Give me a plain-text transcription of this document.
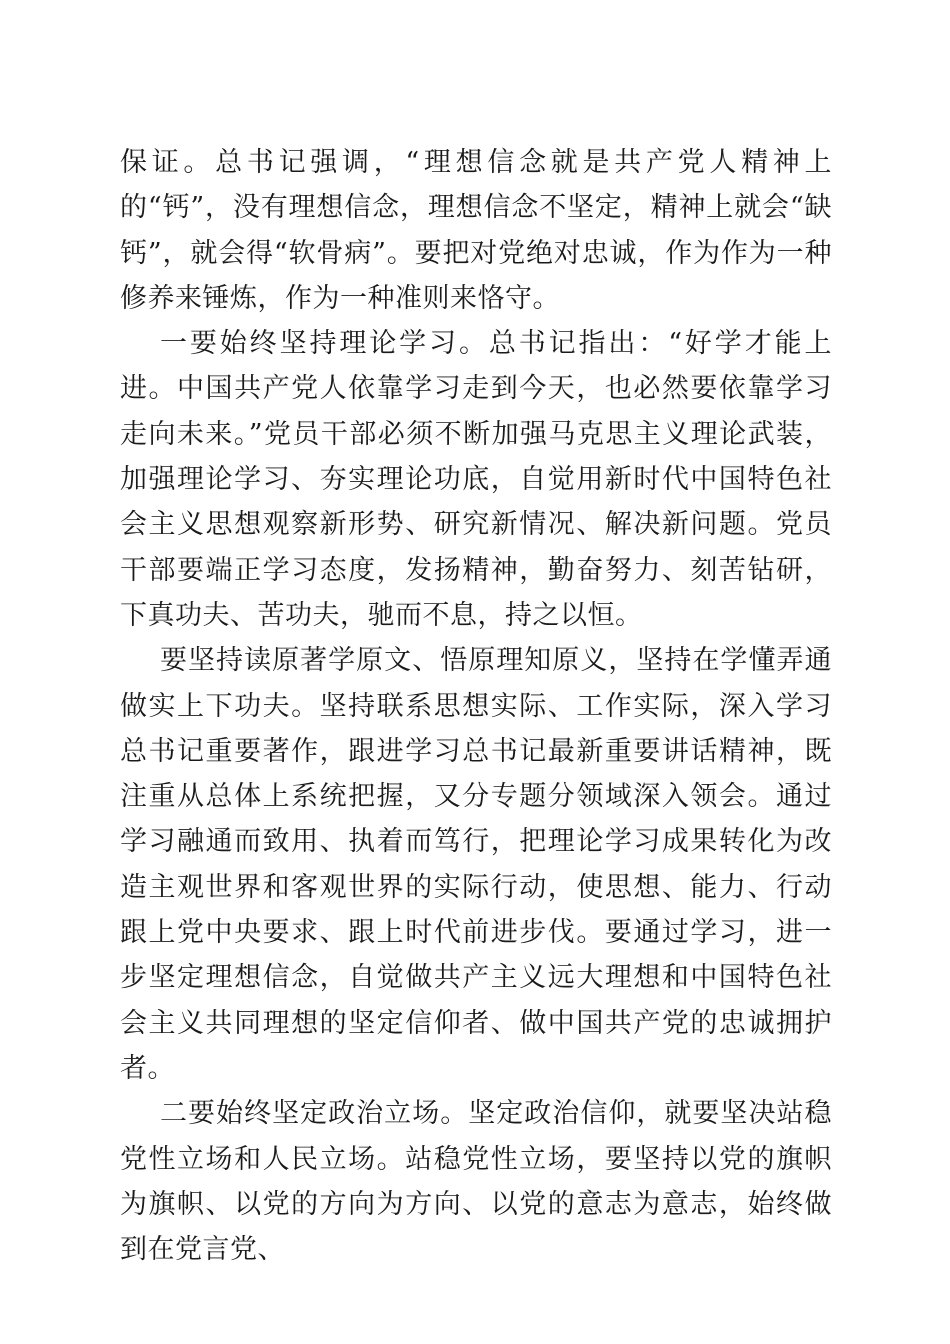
保证。总书记强调，“理想信念就是共产党人精神上的“钙”，没有理想信念，理想信念不坚定，精神上就会“缺钙”，就会得“软骨病”。要把对党绝对忠诚，作为作为一种修养来锤炼，作为一种准则来恪守。

一要始终坚持理论学习。总书记指出：“好学才能上进。中国共产党人依靠学习走到今天，也必然要依靠学习走向未来。”党员干部必须不断加强马克思主义理论武装，加强理论学习、夯实理论功底，自觉用新时代中国特色社会主义思想观察新形势、研究新情况、解决新问题。党员干部要端正学习态度，发扬精神，勤奋努力、刻苦钻研，下真功夫、苦功夫，驰而不息，持之以恒。

要坚持读原著学原文、悟原理知原义，坚持在学懂弄通做实上下功夫。坚持联系思想实际、工作实际，深入学习总书记重要著作，跟进学习总书记最新重要讲话精神，既注重从总体上系统把握，又分专题分领域深入领会。通过学习融通而致用、执着而笃行，把理论学习成果转化为改造主观世界和客观世界的实际行动，使思想、能力、行动跟上党中央要求、跟上时代前进步伐。要通过学习，进一步坚定理想信念，自觉做共产主义远大理想和中国特色社会主义共同理想的坚定信仰者、做中国共产党的忠诚拥护者。

二要始终坚定政治立场。坚定政治信仰，就要坚决站稳党性立场和人民立场。站稳党性立场，要坚持以党的旗帜为旗帜、以党的方向为方向、以党的意志为意志，始终做到在党言党、
